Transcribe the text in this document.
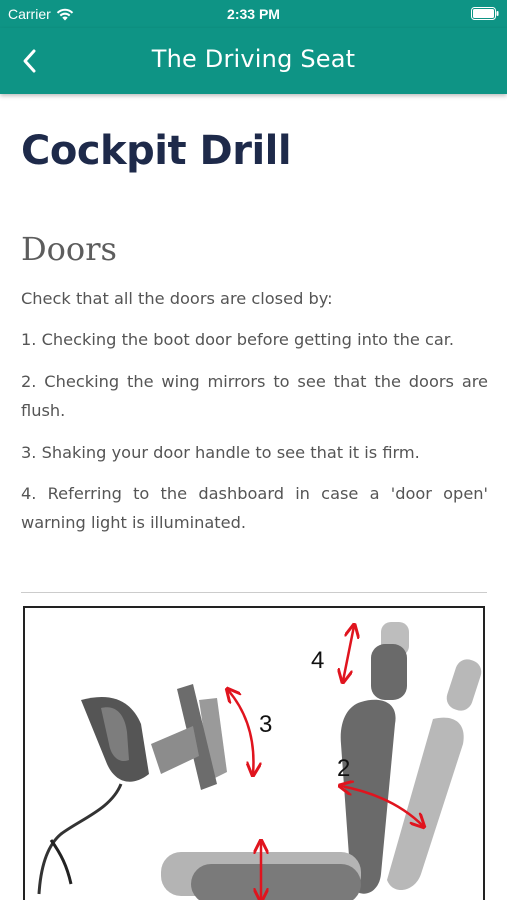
Carrier	2:33 PM
The Driving Seat
Cockpit Drill
Doors

Check that all the doors are closed by:

1. Checking the boot door before getting into the car.

2. Checking the wing mirrors to see that the doors are flush.

3. Shaking your door handle to see that it is firm.

4. Referring to the dashboard in case a 'door open' warning light is illuminated.

4
3
2
